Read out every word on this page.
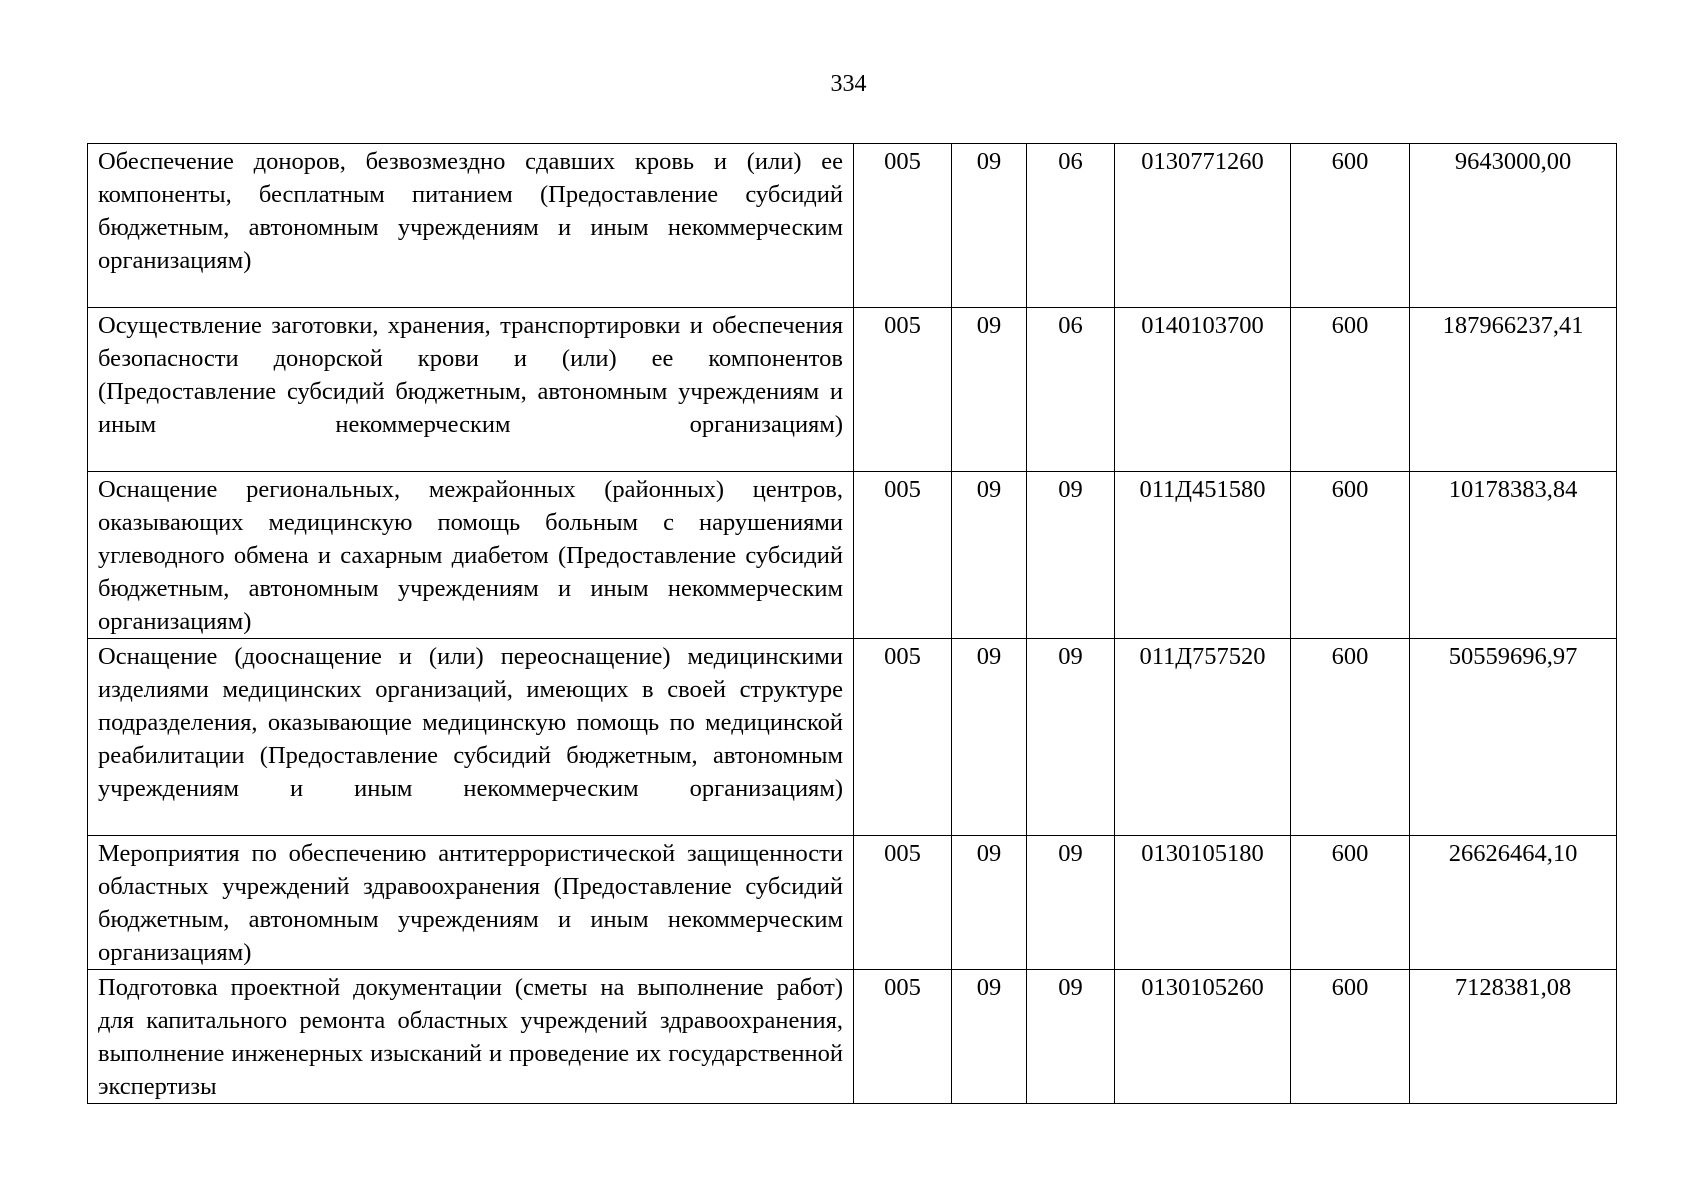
334
Обеспечение доноров, безвозмездно сдавших кровь и (или) ее компоненты, бесплатным питанием (Предоставление субсидий бюджетным, автономным учреждениям и иным некоммерческим организациям)	005	09	06	0130771260	600	9643000,00
Осуществление заготовки, хранения, транспортировки и обеспечения безопасности донорской крови и (или) ее компонентов (Предоставление субсидий бюджетным, автономным учреждениям и иным некоммерческим организациям)	005	09	06	0140103700	600	187966237,41
Оснащение региональных, межрайонных (районных) центров, оказывающих медицинскую помощь больным с нарушениями углеводного обмена и сахарным диабетом (Предоставление субсидий бюджетным, автономным учреждениям и иным некоммерческим организациям)	005	09	09	011Д451580	600	10178383,84
Оснащение (дооснащение и (или) переоснащение) медицинскими изделиями медицинских организаций, имеющих в своей структуре подразделения, оказывающие медицинскую помощь по медицинской реабилитации (Предоставление субсидий бюджетным, автономным учреждениям и иным некоммерческим организациям)	005	09	09	011Д757520	600	50559696,97
Мероприятия по обеспечению антитеррористической защищенности областных учреждений здравоохранения (Предоставление субсидий бюджетным, автономным учреждениям и иным некоммерческим организациям)	005	09	09	0130105180	600	26626464,10
Подготовка проектной документации (сметы на выполнение работ) для капитального ремонта областных учреждений здравоохранения, выполнение инженерных изысканий и проведение их государственной экспертизы	005	09	09	0130105260	600	7128381,08
